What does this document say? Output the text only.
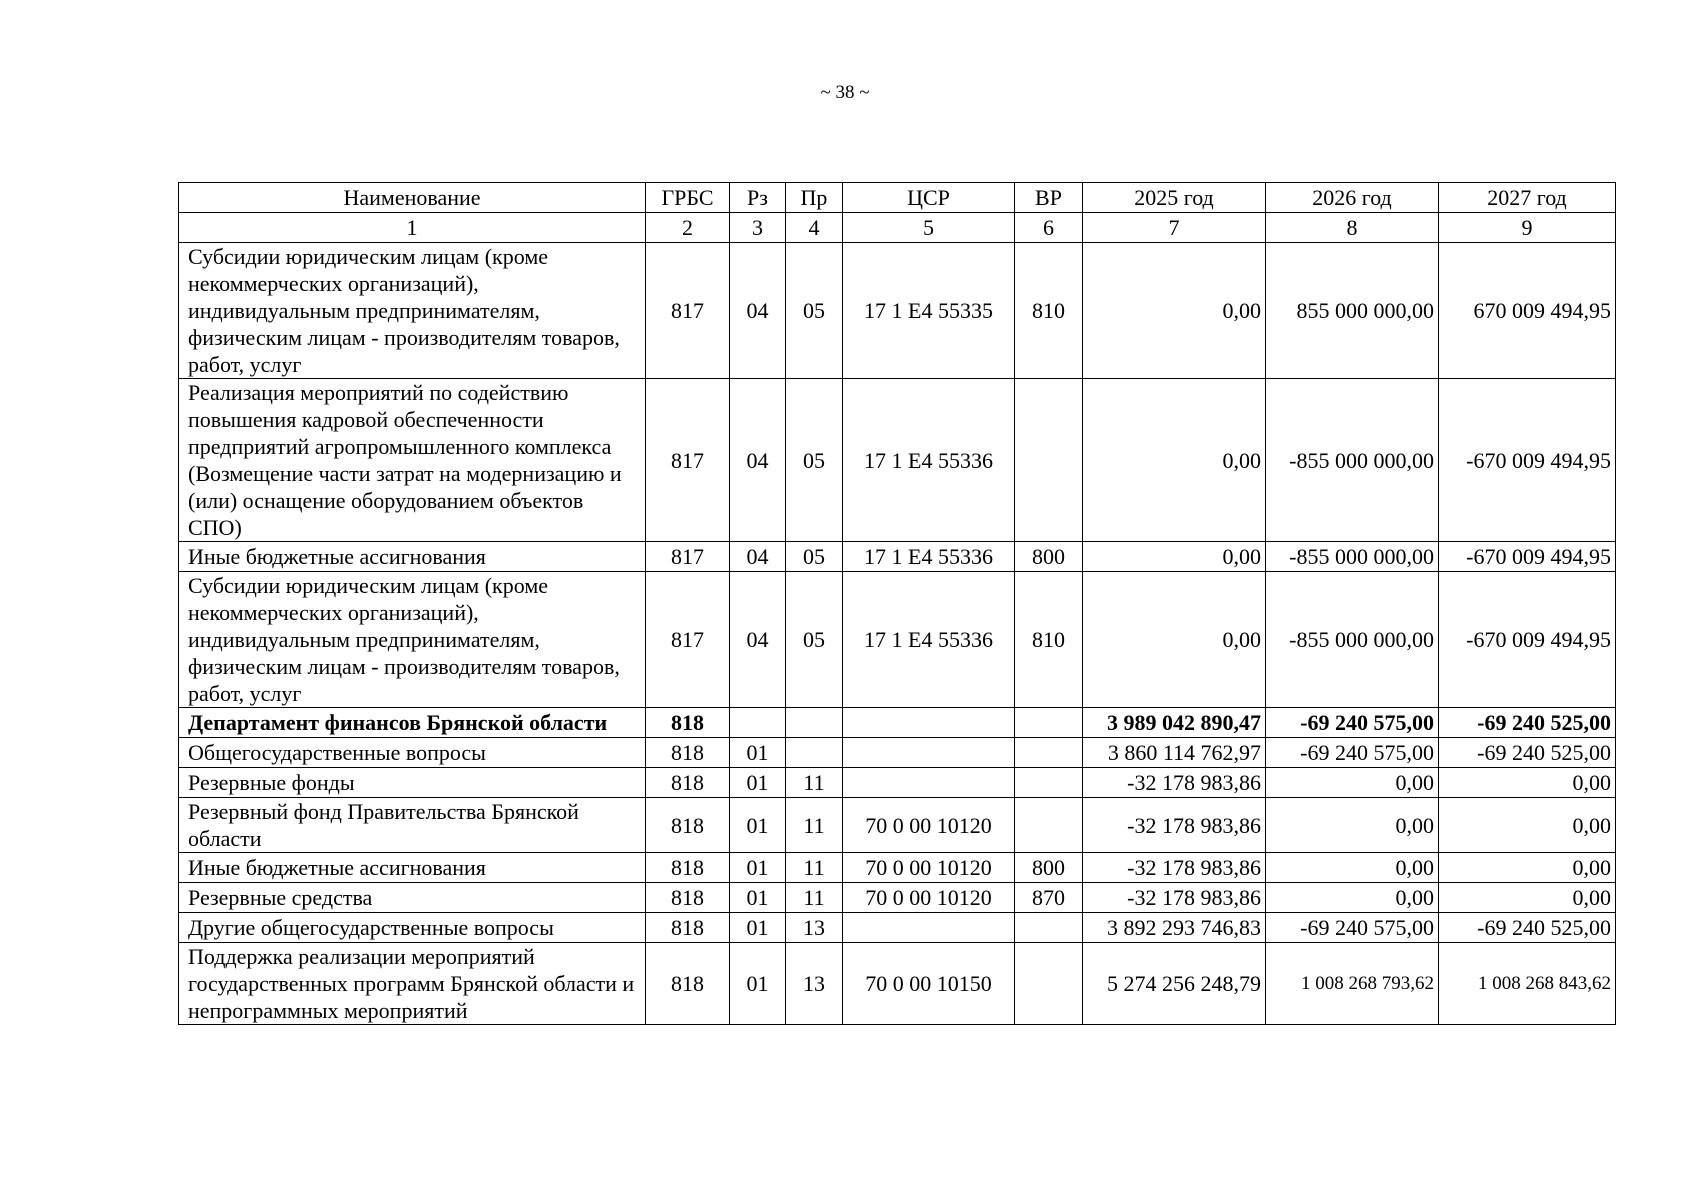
~ 38 ~
Наименование	ГРБС	Рз	Пр	ЦСР	ВР	2025 год	2026 год	2027 год
1	2	3	4	5	6	7	8	9
Субсидии юридическим лицам (кроме некоммерческих организаций), индивидуальным предпринимателям, физическим лицам - производителям товаров, работ, услуг	817	04	05	17 1 Е4 55335	810	0,00	855 000 000,00	670 009 494,95
Реализация мероприятий по содействию повышения кадровой обеспеченности предприятий агропромышленного комплекса (Возмещение части затрат на модернизацию и (или) оснащение оборудованием объектов СПО)	817	04	05	17 1 Е4 55336		0,00	-855 000 000,00	-670 009 494,95
Иные бюджетные ассигнования	817	04	05	17 1 Е4 55336	800	0,00	-855 000 000,00	-670 009 494,95
Субсидии юридическим лицам (кроме некоммерческих организаций), индивидуальным предпринимателям, физическим лицам - производителям товаров, работ, услуг	817	04	05	17 1 Е4 55336	810	0,00	-855 000 000,00	-670 009 494,95
Департамент финансов Брянской области	818					3 989 042 890,47	-69 240 575,00	-69 240 525,00
Общегосударственные вопросы	818	01				3 860 114 762,97	-69 240 575,00	-69 240 525,00
Резервные фонды	818	01	11			-32 178 983,86	0,00	0,00
Резервный фонд Правительства Брянской области	818	01	11	70 0 00 10120		-32 178 983,86	0,00	0,00
Иные бюджетные ассигнования	818	01	11	70 0 00 10120	800	-32 178 983,86	0,00	0,00
Резервные средства	818	01	11	70 0 00 10120	870	-32 178 983,86	0,00	0,00
Другие общегосударственные вопросы	818	01	13			3 892 293 746,83	-69 240 575,00	-69 240 525,00
Поддержка реализации мероприятий государственных программ Брянской области и непрограммных мероприятий	818	01	13	70 0 00 10150		5 274 256 248,79	1 008 268 793,62	1 008 268 843,62
